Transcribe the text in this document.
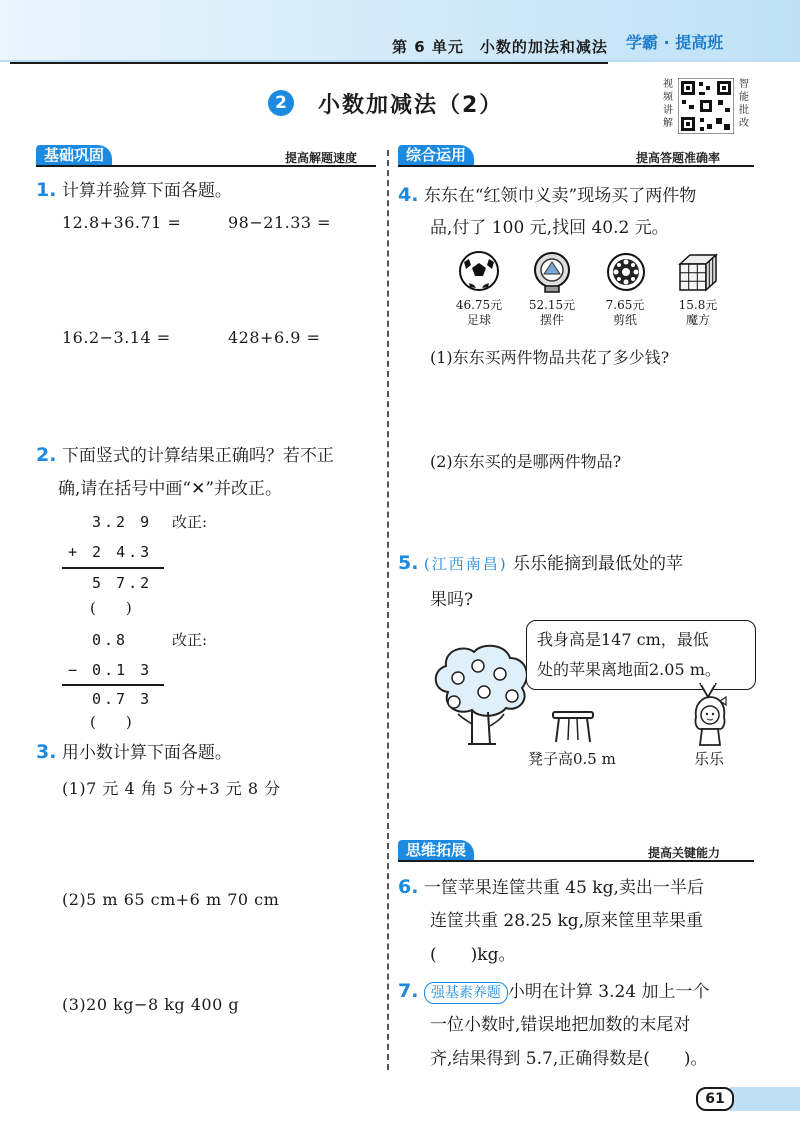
第 6 单元　小数的加法和减法 学霸 · 提高班
2	小数加减法（2）
视频讲解
智能批改
基础巩固	提高解题速度
1. 计算并验算下面各题。
12.8+36.71 =	98−21.33 =
16.2−3.14 =	428+6.9 =
2. 下面竖式的计算结果正确吗？若不正
确,请在括号中画“✕”并改正。
3.2 9 改正:
+ 2 4.3
5 7.2
(　　)
0.8	改正:
− 0.1 3
0.7 3
(　　)
3. 用小数计算下面各题。
(1)7 元 4 角 5 分+3 元 8 分
(2)5 m 65 cm+6 m 70 cm
(3)20 kg−8 kg 400 g
综合运用	提高答题准确率
4. 东东在“红领巾义卖”现场买了两件物
品,付了 100 元,找回 40.2 元。
46.75元
足球
52.15元
摆件
7.65元
剪纸
15.8元
魔方
(1)东东买两件物品共花了多少钱?
(2)东东买的是哪两件物品?
5. (江西南昌) 乐乐能摘到最低处的苹
果吗?
我身高是147 cm，最低
处的苹果离地面2.05 m。
凳子高0.5 m	乐乐
思维拓展	提高关键能力
6. 一筐苹果连筐共重 45 kg,卖出一半后
连筐共重 28.25 kg,原来筐里苹果重
(　　)kg。
7. 强基素养题 小明在计算 3.24 加上一个
一位小数时,错误地把加数的末尾对
齐,结果得到 5.7,正确得数是(　　)。
61
